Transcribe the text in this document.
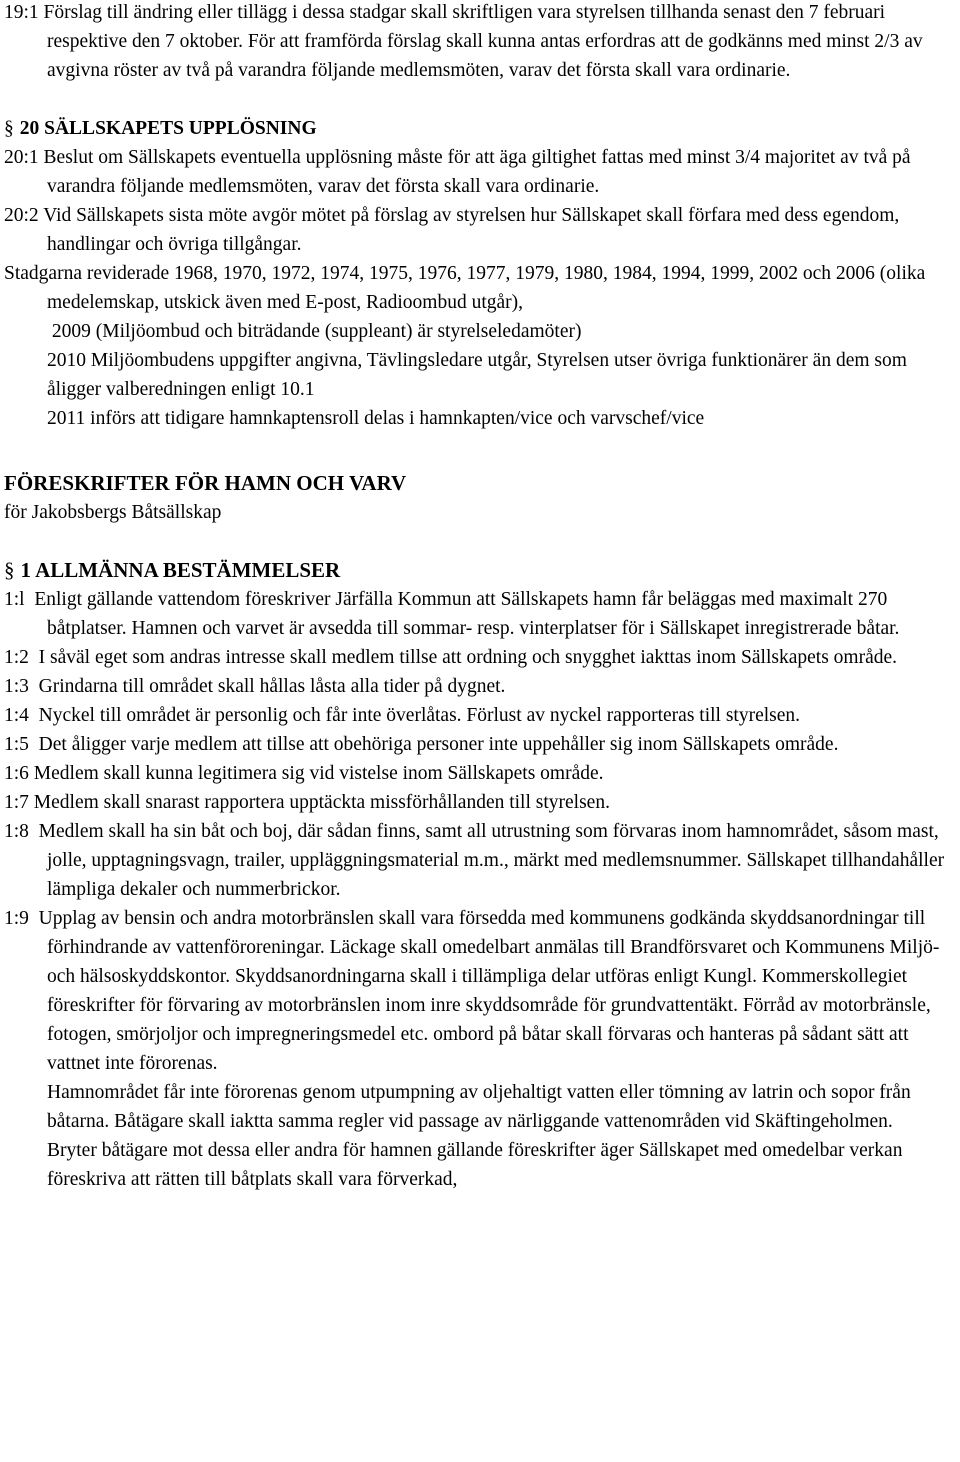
19:1 Förslag till ändring eller tillägg i dessa stadgar skall skriftligen vara styrelsen tillhanda senast den 7 februari respektive den 7 oktober. För att framförda förslag skall kunna antas erfordras att de godkänns med minst 2/3 av avgivna röster av två på varandra följande medlemsmöten, varav det första skall vara ordinarie.

§ 20 SÄLLSKAPETS UPPLÖSNING

20:1 Beslut om Sällskapets eventuella upplösning måste för att äga giltighet fattas med minst 3/4 majoritet av två på varandra följande medlemsmöten, varav det första skall vara ordinarie.

20:2 Vid Sällskapets sista möte avgör mötet på förslag av styrelsen hur Sällskapet skall förfara med dess egendom, handlingar och övriga tillgångar.

Stadgarna reviderade 1968, 1970, 1972, 1974, 1975, 1976, 1977, 1979, 1980, 1984, 1994, 1999, 2002 och 2006 (olika medelemskap, utskick även med E-post, Radioombud utgår),

2009 (Miljöombud och biträdande (suppleant) är styrelseledamöter)

2010 Miljöombudens uppgifter angivna, Tävlingsledare utgår, Styrelsen utser övriga funktionärer än dem som åligger valberedningen enligt 10.1

2011 införs att tidigare hamnkaptensroll delas i hamnkapten/vice och varvschef/vice

FÖRESKRIFTER FÖR HAMN OCH VARV

för Jakobsbergs Båtsällskap

§ 1 ALLMÄNNA BESTÄMMELSER

1:l  Enligt gällande vattendom föreskriver Järfälla Kommun att Sällskapets hamn får beläggas med maximalt 270 båtplatser. Hamnen och varvet är avsedda till sommar- resp. vinterplatser för i Sällskapet inregistrerade båtar.

1:2  I såväl eget som andras intresse skall medlem tillse att ordning och snygghet iakttas inom Sällskapets område.

1:3  Grindarna till området skall hållas låsta alla tider på dygnet.

1:4  Nyckel till området är personlig och får inte överlåtas. Förlust av nyckel rapporteras till styrelsen.

1:5  Det åligger varje medlem att tillse att obehöriga personer inte uppehåller sig inom Sällskapets område.

1:6 Medlem skall kunna legitimera sig vid vistelse inom Sällskapets område.

1:7 Medlem skall snarast rapportera upptäckta missförhållanden till styrelsen.

1:8  Medlem skall ha sin båt och boj, där sådan finns, samt all utrustning som förvaras inom hamnområdet, såsom mast, jolle, upptagningsvagn, trailer, uppläggningsmaterial m.m., märkt med medlemsnummer. Sällskapet tillhandahåller lämpliga dekaler och nummerbrickor.

1:9  Upplag av bensin och andra motorbränslen skall vara försedda med kommunens godkända skyddsanordningar till förhindrande av vattenföroreningar. Läckage skall omedelbart anmälas till Brandförsvaret och Kommunens Miljö- och hälsoskyddskontor. Skyddsanordningarna skall i tillämpliga delar utföras enligt Kungl. Kommerskollegiet föreskrifter för förvaring av motorbränslen inom inre skyddsområde för grundvattentäkt. Förråd av motorbränsle, fotogen, smörjoljor och impregneringsmedel etc. ombord på båtar skall förvaras och hanteras på sådant sätt att vattnet inte förorenas.

Hamnområdet får inte förorenas genom utpumpning av oljehaltigt vatten eller tömning av latrin och sopor från båtarna. Båtägare skall iaktta samma regler vid passage av närliggande vattenområden vid Skäftingeholmen.

Bryter båtägare mot dessa eller andra för hamnen gällande föreskrifter äger Sällskapet med omedelbar verkan föreskriva att rätten till båtplats skall vara förverkad,
